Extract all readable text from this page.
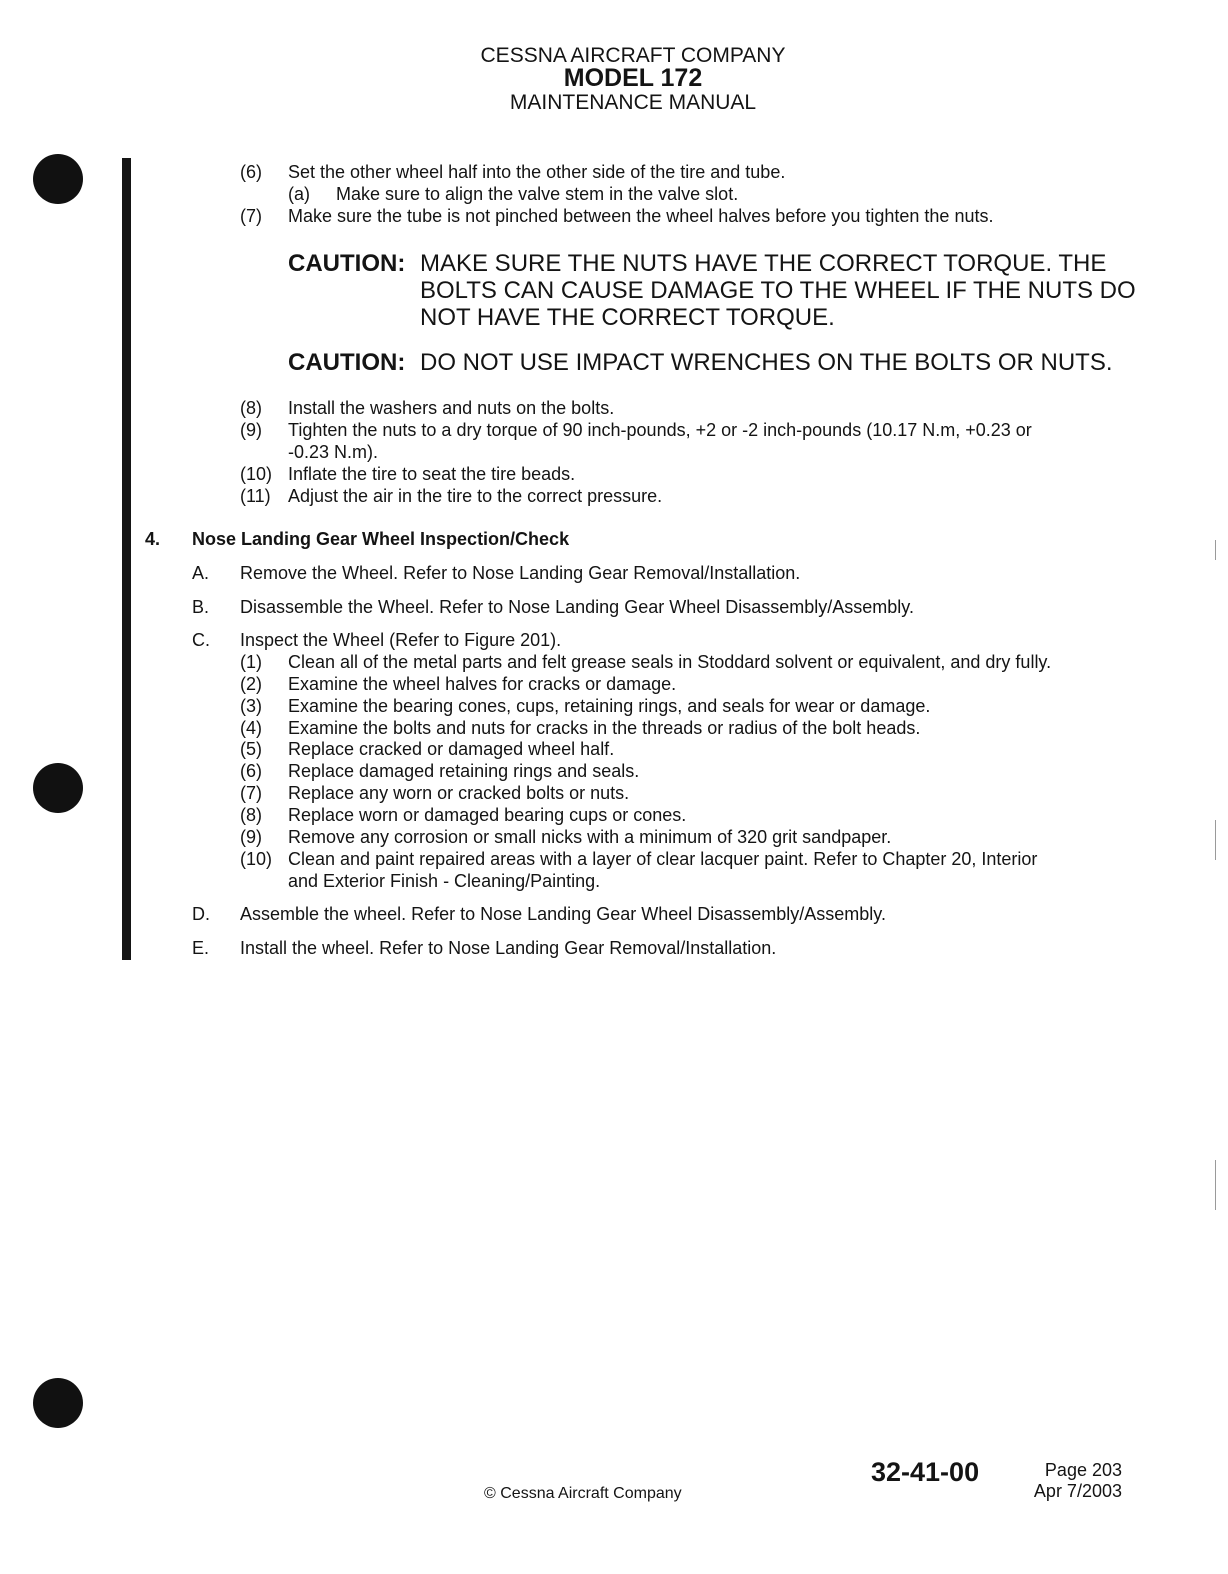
CESSNA AIRCRAFT COMPANY
MODEL 172
MAINTENANCE MANUAL
(6)	Set the other wheel half into the other side of the tire and tube.
(a)	Make sure to align the valve stem in the valve slot.
(7)	Make sure the tube is not pinched between the wheel halves before you tighten the nuts.
CAUTION: MAKE SURE THE NUTS HAVE THE CORRECT TORQUE. THE
BOLTS CAN CAUSE DAMAGE TO THE WHEEL IF THE NUTS DO
NOT HAVE THE CORRECT TORQUE.
CAUTION: DO NOT USE IMPACT WRENCHES ON THE BOLTS OR NUTS.
(8)	Install the washers and nuts on the bolts.
(9)	Tighten the nuts to a dry torque of 90 inch-pounds, +2 or -2 inch-pounds (10.17 N.m, +0.23 or
-0.23 N.m).
(10) Inflate the tire to seat the tire beads.
(11) Adjust the air in the tire to the correct pressure.
4. Nose Landing Gear Wheel Inspection/Check
A. Remove the Wheel. Refer to Nose Landing Gear Removal/Installation.
B. Disassemble the Wheel. Refer to Nose Landing Gear Wheel Disassembly/Assembly.
C. Inspect the Wheel (Refer to Figure 201).
(1)	Clean all of the metal parts and felt grease seals in Stoddard solvent or equivalent, and dry fully.
(2)	Examine the wheel halves for cracks or damage.
(3)	Examine the bearing cones, cups, retaining rings, and seals for wear or damage.
(4)	Examine the bolts and nuts for cracks in the threads or radius of the bolt heads.
(5)	Replace cracked or damaged wheel half.
(6)	Replace damaged retaining rings and seals.
(7)	Replace any worn or cracked bolts or nuts.
(8)	Replace worn or damaged bearing cups or cones.
(9)	Remove any corrosion or small nicks with a minimum of 320 grit sandpaper.
(10) Clean and paint repaired areas with a layer of clear lacquer paint. Refer to Chapter 20, Interior
and Exterior Finish - Cleaning/Painting.
D. Assemble the wheel. Refer to Nose Landing Gear Wheel Disassembly/Assembly.
E. Install the wheel. Refer to Nose Landing Gear Removal/Installation.
© Cessna Aircraft Company
32-41-00	Page 203
Apr 7/2003
